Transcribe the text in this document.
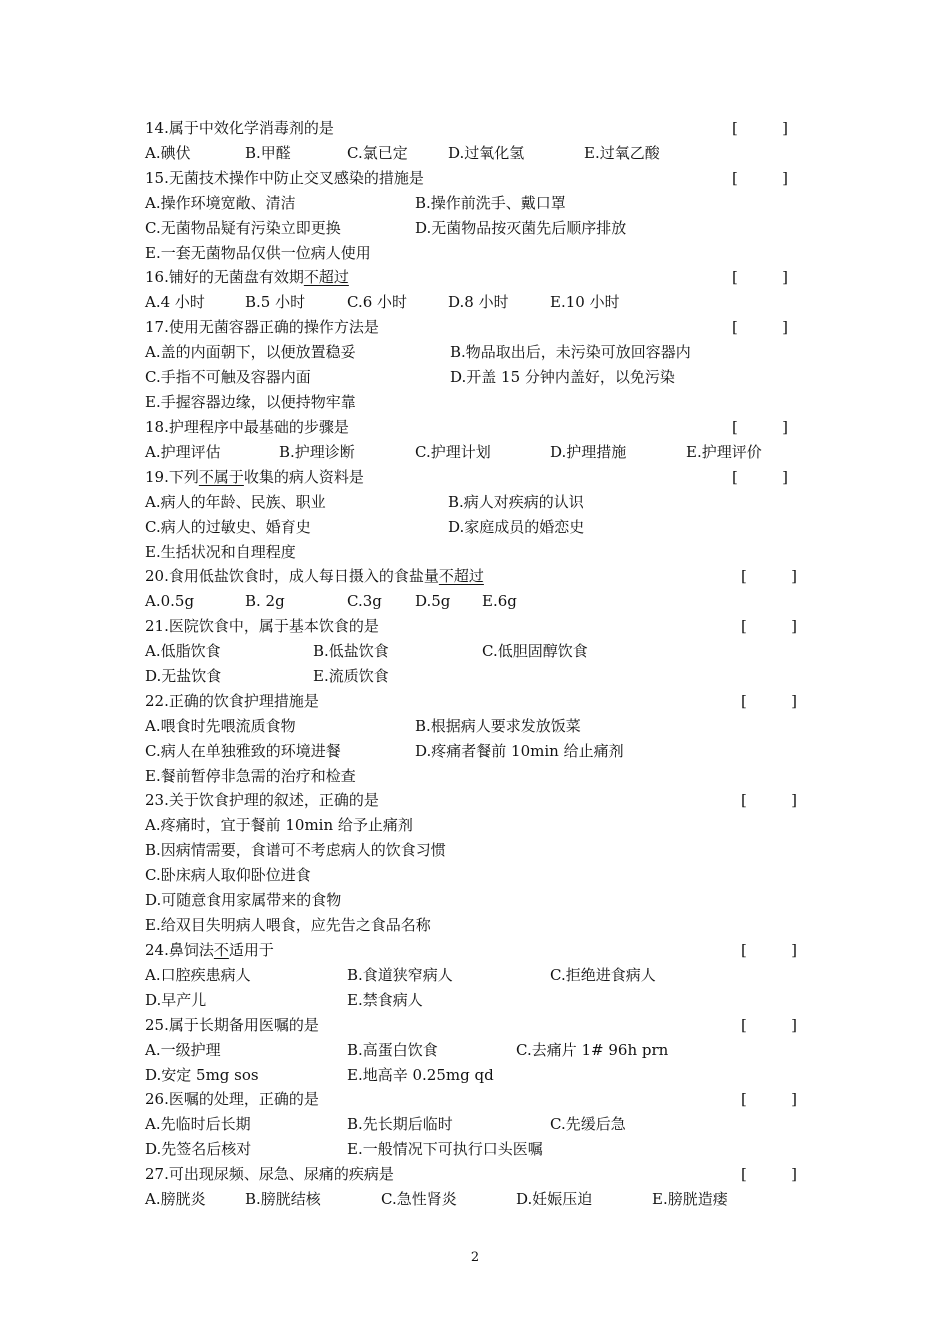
14.属于中效化学消毒剂的是	[	]
A.碘伏	B.甲醛	C.氯已定	D.过氧化氢	E.过氧乙酸
15.无菌技术操作中防止交叉感染的措施是	[	]
A.操作环境宽敞、清洁	B.操作前洗手、戴口罩
C.无菌物品疑有污染立即更换	D.无菌物品按灭菌先后顺序排放
E.一套无菌物品仅供一位病人使用
16.铺好的无菌盘有效期不超过	[	]
A.4 小时	B.5 小时	C.6 小时	D.8 小时	E.10 小时
17.使用无菌容器正确的操作方法是	[	]
A.盖的内面朝下，以便放置稳妥	B.物品取出后，未污染可放回容器内
C.手指不可触及容器内面	D.开盖 15 分钟内盖好，以免污染
E.手握容器边缘，以便持物牢靠
18.护理程序中最基础的步骤是	[	]
A.护理评估	B.护理诊断	C.护理计划	D.护理措施	E.护理评价
19.下列不属于收集的病人资料是	[	]
A.病人的年龄、民族、职业	B.病人对疾病的认识
C.病人的过敏史、婚育史	D.家庭成员的婚恋史
E.生括状况和自理程度
20.食用低盐饮食时，成人每日摄入的食盐量不超过	[	]
A.0.5g	B. 2g	C.3g D.5g E.6g
21.医院饮食中，属于基本饮食的是	[	]
A.低脂饮食	B.低盐饮食	C.低胆固醇饮食
D.无盐饮食	E.流质饮食
22.正确的饮食护理措施是	[	]
A.喂食时先喂流质食物	B.根据病人要求发放饭菜
C.病人在单独雅致的环境进餐	D.疼痛者餐前 10min 给止痛剂
E.餐前暂停非急需的治疗和检查
23.关于饮食护理的叙述，正确的是	[	]
A.疼痛时，宜于餐前 10min 给予止痛剂
B.因病情需要，食谱可不考虑病人的饮食习惯
C.卧床病人取仰卧位进食
D.可随意食用家属带来的食物
E.给双目失明病人喂食，应先告之食品名称
24.鼻饲法不适用于	[	]
A.口腔疾患病人	B.食道狭窄病人	C.拒绝进食病人
D.早产儿	E.禁食病人
25.属于长期备用医嘱的是	[	]
A.一级护理	B.高蛋白饮食	C.去痛片 1# 96h prn
D.安定 5mg sos	E.地高辛 0.25mg qd
26.医嘱的处理，正确的是	[	]
A.先临时后长期	B.先长期后临时	C.先缓后急
D.先签名后核对	E.一般情况下可执行口头医嘱
27.可出现尿频、尿急、尿痛的疾病是	[	]
A.膀胱炎	B.膀胱结核	C.急性肾炎	D.妊娠压迫	E.膀胱造瘘
2
